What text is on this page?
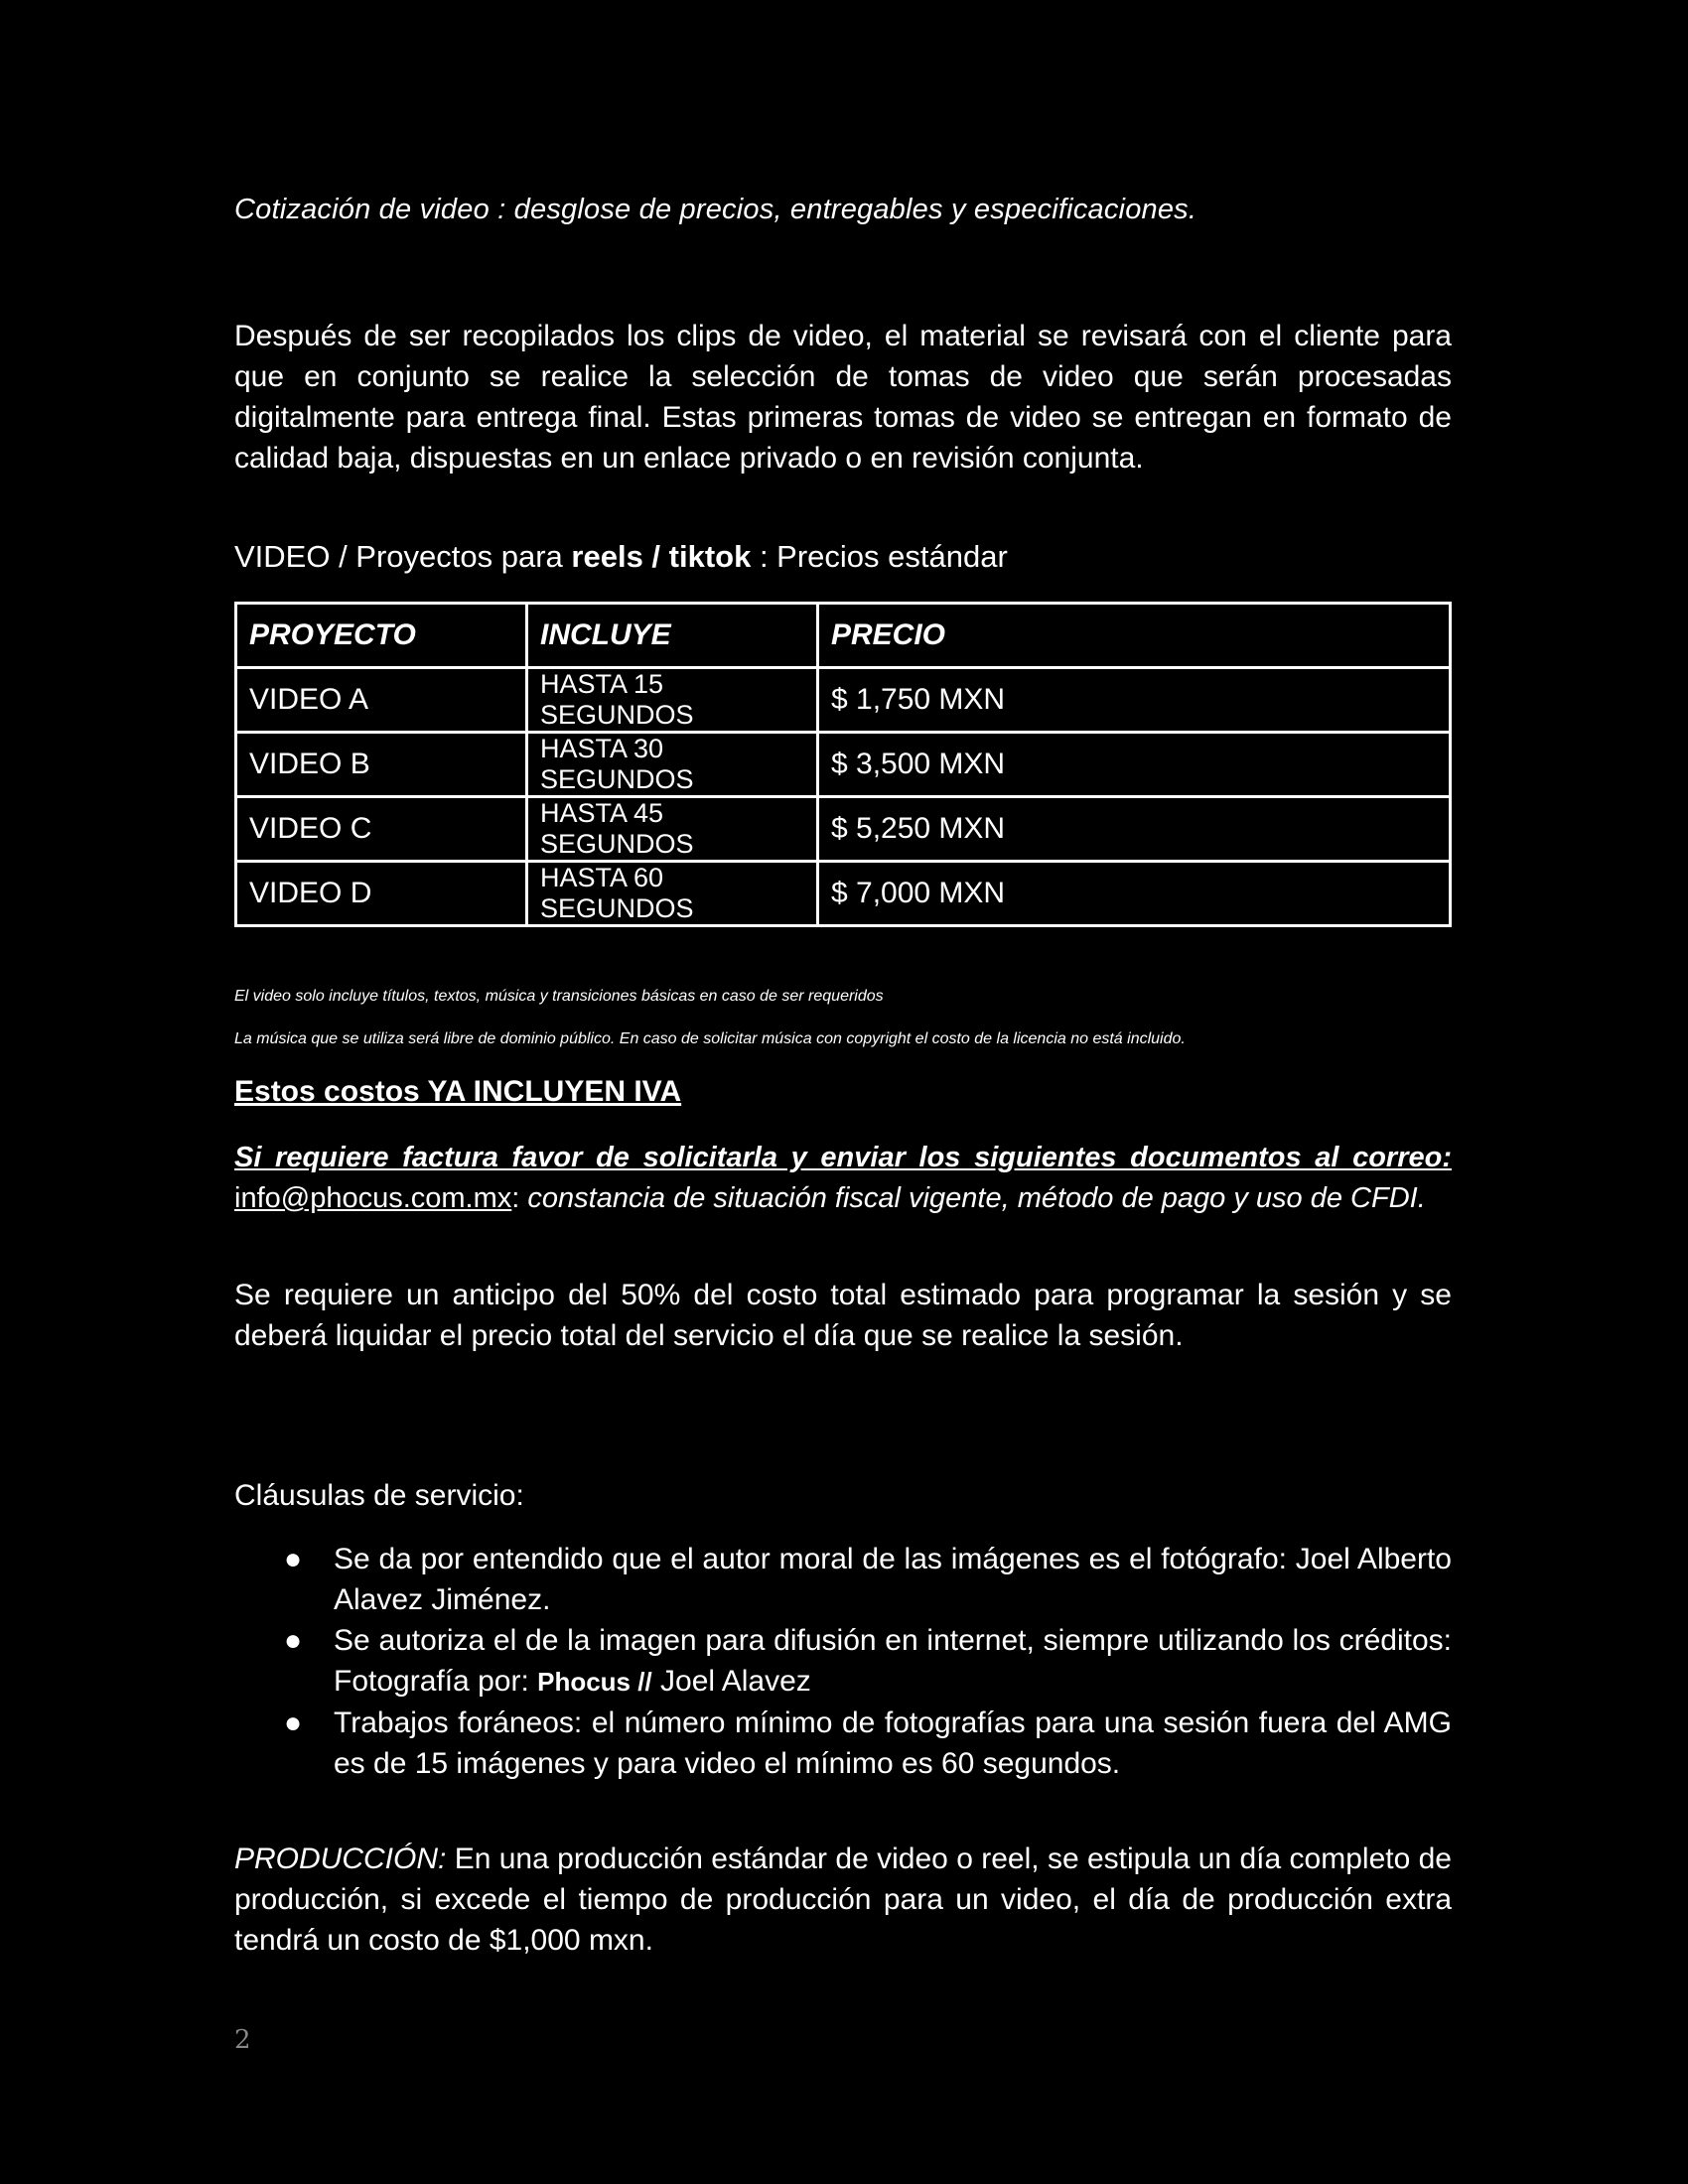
Cotización de video : desglose de precios, entregables y especificaciones.
Después de ser recopilados los clips de video, el material se revisará con el cliente para que en conjunto se realice la selección de tomas de video que serán procesadas digitalmente para entrega final. Estas primeras tomas de video se entregan en formato de calidad baja, dispuestas en un enlace privado o en revisión conjunta.
VIDEO / Proyectos para reels / tiktok : Precios estándar
PROYECTO	INCLUYE	PRECIO
VIDEO A	HASTA 15 SEGUNDOS	$ 1,750 MXN
VIDEO B	HASTA 30 SEGUNDOS	$ 3,500 MXN
VIDEO C	HASTA 45 SEGUNDOS	$ 5,250 MXN
VIDEO D	HASTA 60 SEGUNDOS	$ 7,000 MXN
El video solo incluye títulos, textos, música y transiciones básicas en caso de ser requeridos
La música que se utiliza será libre de dominio público. En caso de solicitar música con copyright el costo de la licencia no está incluido.
Estos costos YA INCLUYEN IVA
Si requiere factura favor de solicitarla y enviar los siguientes documentos al correo: info@phocus.com.mx: constancia de situación fiscal vigente, método de pago y uso de CFDI.
Se requiere un anticipo del 50% del costo total estimado para programar la sesión y se deberá liquidar el precio total del servicio el día que se realice la sesión.
Cláusulas de servicio:
● Se da por entendido que el autor moral de las imágenes es el fotógrafo: Joel Alberto Alavez Jiménez.
● Se autoriza el de la imagen para difusión en internet, siempre utilizando los créditos: Fotografía por: Phocus // Joel Alavez
● Trabajos foráneos: el número mínimo de fotografías para una sesión fuera del AMG es de 15 imágenes y para video el mínimo es 60 segundos.
PRODUCCIÓN: En una producción estándar de video o reel, se estipula un día completo de producción, si excede el tiempo de producción para un video, el día de producción extra tendrá un costo de $1,000 mxn.
2
